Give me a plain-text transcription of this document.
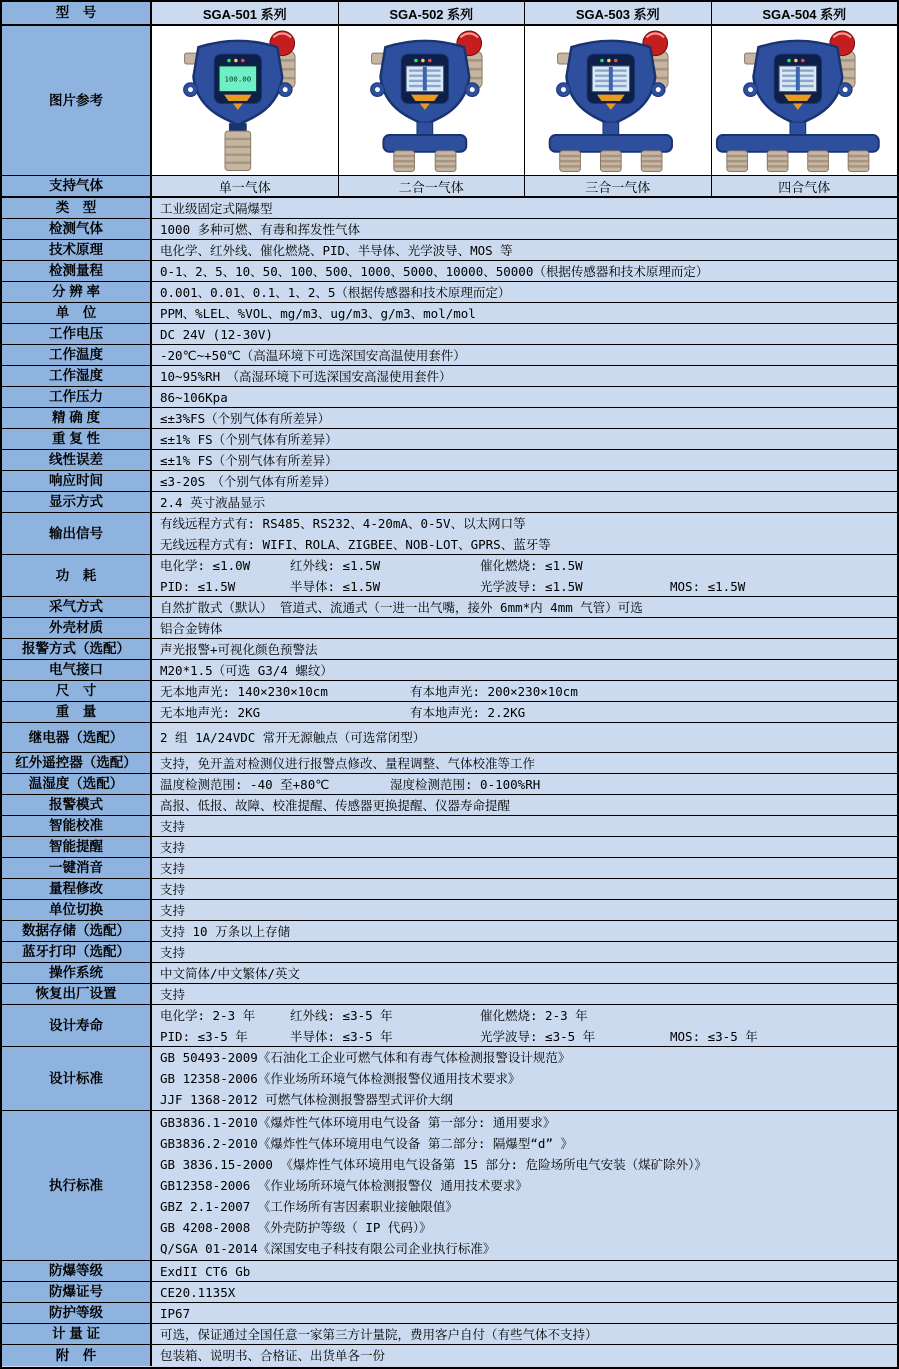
型　号	SGA-501 系列	SGA-502 系列	SGA-503 系列	SGA-504 系列
图片参考
100.00
支持气体	单一气体	二合一气体	三合一气体	四合气体
类　型	工业级固定式隔爆型
检测气体	1000 多种可燃、有毒和挥发性气体
技术原理	电化学、红外线、催化燃烧、PID、半导体、光学波导、MOS 等
检测量程	0-1、2、5、10、50、100、500、1000、5000、10000、50000（根据传感器和技术原理而定）
分 辨 率	0.001、0.01、0.1、1、2、5（根据传感器和技术原理而定）
单　位	PPM、%LEL、%VOL、mg/m3、ug/m3、g/m3、mol/mol
工作电压	DC 24V (12-30V)
工作温度	-20℃~+50℃（高温环境下可选深国安高温使用套件）
工作湿度	10~95%RH　（高湿环境下可选深国安高湿使用套件）
工作压力	86~106Kpa
精 确 度	≤±3%FS（个别气体有所差异）
重 复 性	≤±1% FS（个别气体有所差异）
线性误差	≤±1% FS（个别气体有所差异）
响应时间	≤3-20S　（个别气体有所差异）
显示方式	2.4 英寸液晶显示
输出信号
有线远程方式有: RS485、RS232、4-20mA、0-5V、以太网口等
无线远程方式有: WIFI、ROLA、ZIGBEE、NOB-LOT、GPRS、蓝牙等
功　耗
电化学: ≤1.0W	红外线: ≤1.5W	催化燃烧: ≤1.5W
PID: ≤1.5W	半导体: ≤1.5W	光学波导: ≤1.5W	MOS: ≤1.5W
采气方式	自然扩散式（默认） 管道式、流通式（一进一出气嘴，接外 6mm*内 4mm 气管）可选
外壳材质	铝合金铸体
报警方式（选配）	声光报警+可视化颜色预警法
电气接口	M20*1.5（可选 G3/4 螺纹）
尺　寸	无本地声光: 140×230×10cm	有本地声光: 200×230×10cm
重　量	无本地声光: 2KG	有本地声光: 2.2KG
继电器（选配）	2 组 1A/24VDC 常开无源触点（可选常闭型）
红外遥控器（选配）	支持，免开盖对检测仪进行报警点修改、量程调整、气体校准等工作
温湿度（选配）	温度检测范围: -40 至+80℃	湿度检测范围: 0-100%RH
报警模式	高报、低报、故障、校准提醒、传感器更换提醒、仪器寿命提醒
智能校准	支持
智能提醒	支持
一键消音	支持
量程修改	支持
单位切换	支持
数据存储（选配）	支持 10 万条以上存储
蓝牙打印（选配）	支持
操作系统	中文简体/中文繁体/英文
恢复出厂设置	支持
设计寿命
电化学: 2-3 年	红外线: ≤3-5 年	催化燃烧: 2-3 年
PID: ≤3-5 年	半导体: ≤3-5 年	光学波导: ≤3-5 年	MOS: ≤3-5 年
设计标准
GB 50493-2009《石油化工企业可燃气体和有毒气体检测报警设计规范》
GB 12358-2006《作业场所环境气体检测报警仪通用技术要求》
JJF 1368-2012 可燃气体检测报警器型式评价大纲
执行标准
GB3836.1-2010《爆炸性气体环境用电气设备 第一部分: 通用要求》
GB3836.2-2010《爆炸性气体环境用电气设备 第二部分: 隔爆型“d” 》
GB 3836.15-2000 《爆炸性气体环境用电气设备第 15 部分: 危险场所电气安装（煤矿除外）》
GB12358-2006 《作业场所环境气体检测报警仪 通用技术要求》
GBZ 2.1-2007 《工作场所有害因素职业接触限值》
GB 4208-2008 《外壳防护等级（ IP 代码）》
Q/SGA 01-2014《深国安电子科技有限公司企业执行标准》
防爆等级	ExdII CT6 Gb
防爆证号	CE20.1135X
防护等级	IP67
计 量 证	可选，保证通过全国任意一家第三方计量院，费用客户自付（有些气体不支持）
附　件	包装箱、说明书、合格证、出货单各一份
